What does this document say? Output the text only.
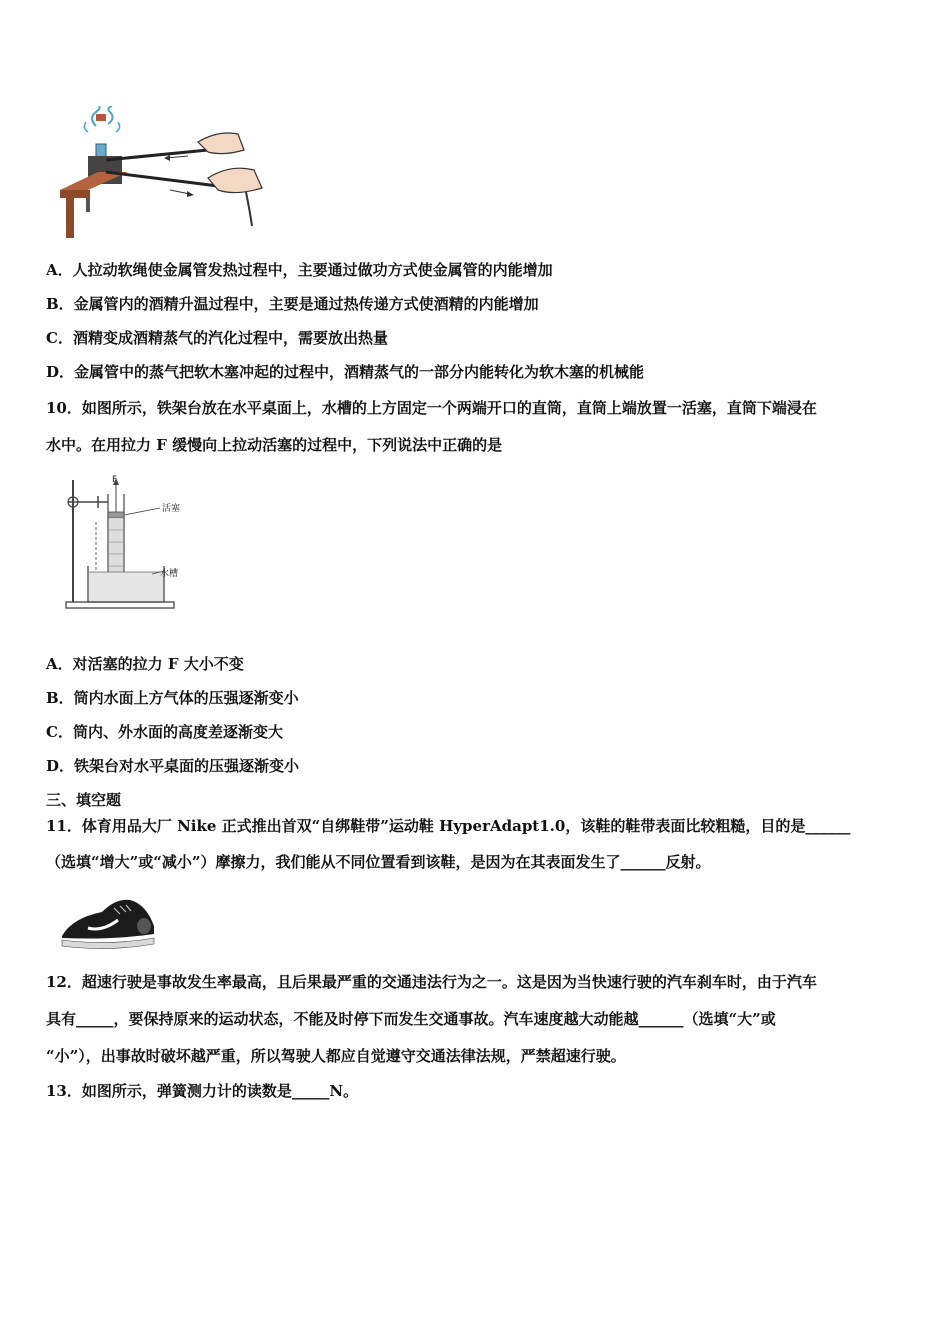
A．人拉动软绳使金属管发热过程中，主要通过做功方式使金属管的内能增加
B．金属管内的酒精升温过程中，主要是通过热传递方式使酒精的内能增加
C．酒精变成酒精蒸气的汽化过程中，需要放出热量
D．金属管中的蒸气把软木塞冲起的过程中，酒精蒸气的一部分内能转化为软木塞的机械能
10．如图所示，铁架台放在水平桌面上，水槽的上方固定一个两端开口的直筒，直筒上端放置一活塞，直筒下端浸在
水中。在用拉力 F 缓慢向上拉动活塞的过程中，下列说法中正确的是
F
活塞
水槽
A．对活塞的拉力 F 大小不变
B．筒内水面上方气体的压强逐渐变小
C．筒内、外水面的高度差逐渐变大
D．铁架台对水平桌面的压强逐渐变小
三、填空题
11．体育用品大厂 Nike 正式推出首双“自绑鞋带”运动鞋 HyperAdapt1.0，该鞋的鞋带表面比较粗糙，目的是______
（选填“增大”或“减小”）摩擦力，我们能从不同位置看到该鞋，是因为在其表面发生了______反射。
12．超速行驶是事故发生率最高，且后果最严重的交通违法行为之一。这是因为当快速行驶的汽车刹车时，由于汽车
具有_____，要保持原来的运动状态，不能及时停下而发生交通事故。汽车速度越大动能越______（选填“大”或
“小”），出事故时破坏越严重，所以驾驶人都应自觉遵守交通法律法规，严禁超速行驶。
13．如图所示，弹簧测力计的读数是_____N。
